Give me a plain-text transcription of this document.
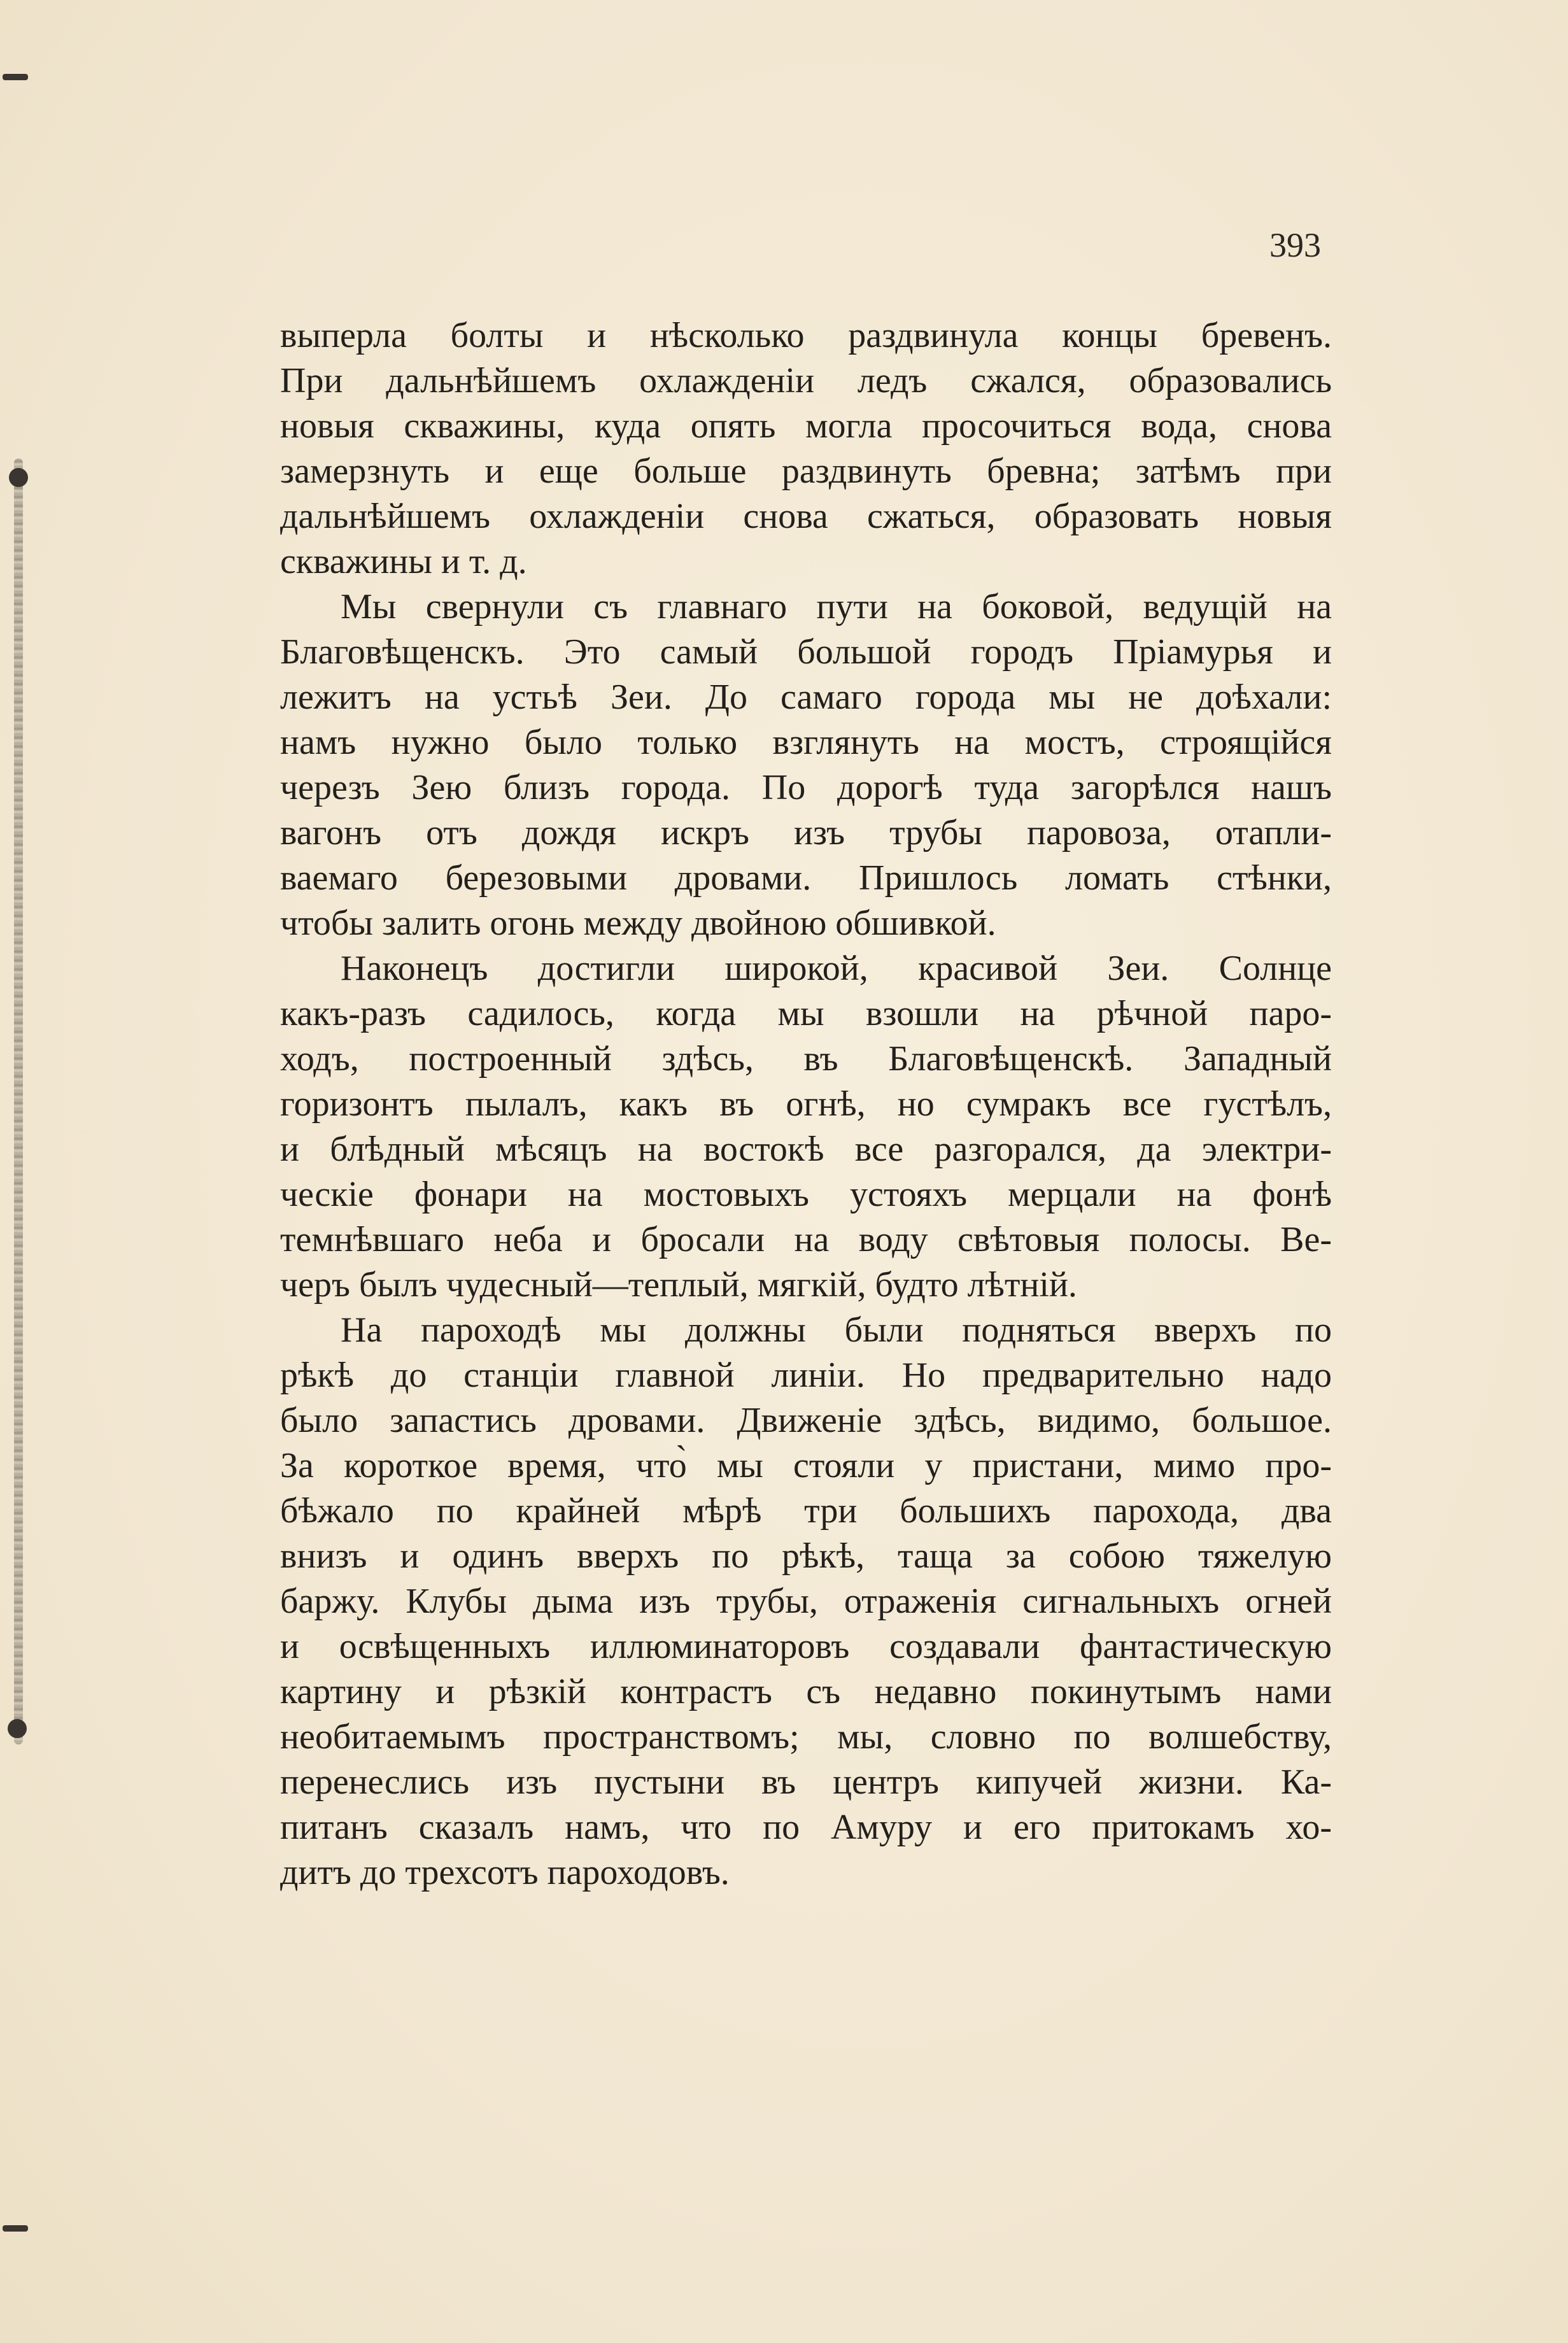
393
выперла болты и нѣсколько раздвинула концы бревенъ.
При дальнѣйшемъ охлажденіи ледъ сжался, образовались
новыя скважины, куда опять могла просочиться вода, снова
замерзнуть и еще больше раздвинуть бревна; затѣмъ при
дальнѣйшемъ охлажденіи снова сжаться, образовать новыя
скважины и т. д.
Мы свернули съ главнаго пути на боковой, ведущій на
Благовѣщенскъ. Это самый большой городъ Пріамурья и
лежитъ на устьѣ Зеи. До самаго города мы не доѣхали:
намъ нужно было только взглянуть на мостъ, строящійся
черезъ Зею близъ города. По дорогѣ туда загорѣлся нашъ
вагонъ отъ дождя искръ изъ трубы паровоза, отапли-
ваемаго березовыми дровами. Пришлось ломать стѣнки,
чтобы залить огонь между двойною обшивкой.
Наконецъ достигли широкой, красивой Зеи. Солнце
какъ-разъ садилось, когда мы взошли на рѣчной паро-
ходъ, построенный здѣсь, въ Благовѣщенскѣ. Западный
горизонтъ пылалъ, какъ въ огнѣ, но сумракъ все густѣлъ,
и блѣдный мѣсяцъ на востокѣ все разгорался, да электри-
ческіе фонари на мостовыхъ устояхъ мерцали на фонѣ
темнѣвшаго неба и бросали на воду свѣтовыя полосы. Ве-
черъ былъ чудесный—теплый, мягкій, будто лѣтній.
На пароходѣ мы должны были подняться вверхъ по
рѣкѣ до станціи главной линіи. Но предварительно надо
было запастись дровами. Движеніе здѣсь, видимо, большое.
За короткое время, что̀ мы стояли у пристани, мимо про-
бѣжало по крайней мѣрѣ три большихъ парохода, два
внизъ и одинъ вверхъ по рѣкѣ, таща за собою тяжелую
баржу. Клубы дыма изъ трубы, отраженія сигнальныхъ огней
и освѣщенныхъ иллюминаторовъ создавали фантастическую
картину и рѣзкій контрастъ съ недавно покинутымъ нами
необитаемымъ пространствомъ; мы, словно по волшебству,
перенеслись изъ пустыни въ центръ кипучей жизни. Ка-
питанъ сказалъ намъ, что по Амуру и его притокамъ хо-
дитъ до трехсотъ пароходовъ.
